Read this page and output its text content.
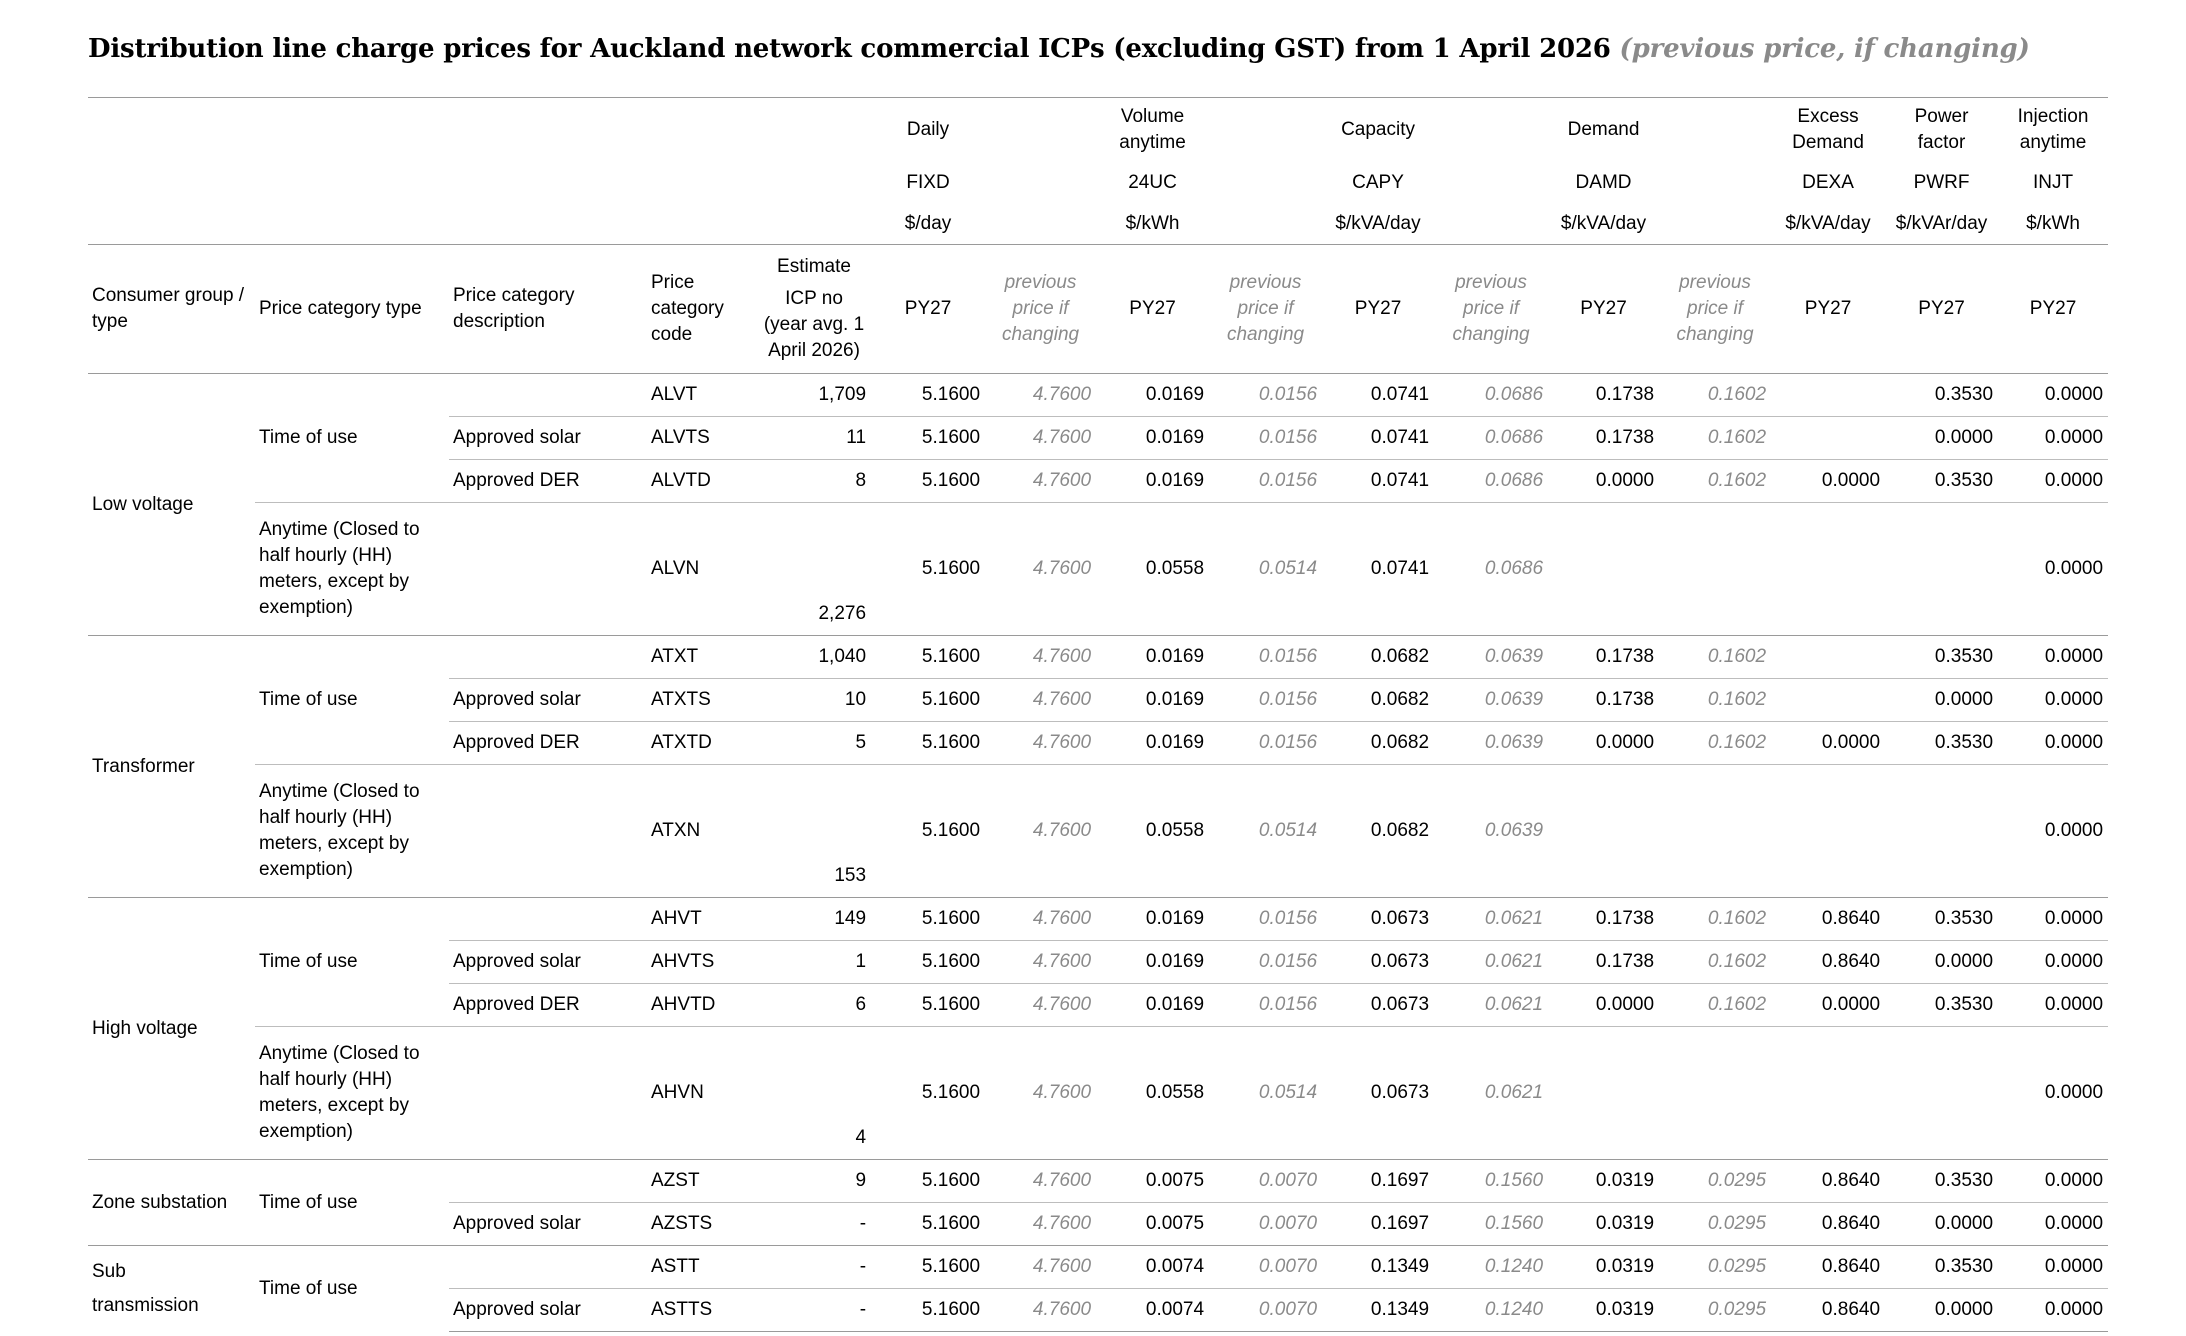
Distribution line charge prices for Auckland network commercial ICPs (excluding GST) from 1 April 2026 (previous price, if changing)
					Daily		Volume anytime		Capacity		Demand		Excess Demand	Power factor	Injection anytime
					FIXD		24UC		CAPY		DAMD		DEXA	PWRF	INJT
					$/day		$/kWh		$/kVA/day		$/kVA/day		$/kVA/day	$/kVAr/day	$/kWh
Consumer group / type	Price category type	Price category description	Price category code	Estimate
ICP no (year avg. 1 April 2026)	PY27	previous price if changing	PY27	previous price if changing	PY27	previous price if changing	PY27	previous price if changing	PY27	PY27	PY27
Low voltage	Time of use		ALVT	1,709	5.1600	4.7600	0.0169	0.0156	0.0741	0.0686	0.1738	0.1602		0.3530	0.0000
		Approved solar	ALVTS	11	5.1600	4.7600	0.0169	0.0156	0.0741	0.0686	0.1738	0.1602		0.0000	0.0000
		Approved DER	ALVTD	8	5.1600	4.7600	0.0169	0.0156	0.0741	0.0686	0.0000	0.1602	0.0000	0.3530	0.0000
	Anytime (Closed to half hourly (HH) meters, except by exemption)		ALVN	2,276	5.1600	4.7600	0.0558	0.0514	0.0741	0.0686					0.0000
Transformer	Time of use		ATXT	1,040	5.1600	4.7600	0.0169	0.0156	0.0682	0.0639	0.1738	0.1602		0.3530	0.0000
		Approved solar	ATXTS	10	5.1600	4.7600	0.0169	0.0156	0.0682	0.0639	0.1738	0.1602		0.0000	0.0000
		Approved DER	ATXTD	5	5.1600	4.7600	0.0169	0.0156	0.0682	0.0639	0.0000	0.1602	0.0000	0.3530	0.0000
	Anytime (Closed to half hourly (HH) meters, except by exemption)		ATXN	153	5.1600	4.7600	0.0558	0.0514	0.0682	0.0639					0.0000
High voltage	Time of use		AHVT	149	5.1600	4.7600	0.0169	0.0156	0.0673	0.0621	0.1738	0.1602	0.8640	0.3530	0.0000
		Approved solar	AHVTS	1	5.1600	4.7600	0.0169	0.0156	0.0673	0.0621	0.1738	0.1602	0.8640	0.0000	0.0000
		Approved DER	AHVTD	6	5.1600	4.7600	0.0169	0.0156	0.0673	0.0621	0.0000	0.1602	0.0000	0.3530	0.0000
	Anytime (Closed to half hourly (HH) meters, except by exemption)		AHVN	4	5.1600	4.7600	0.0558	0.0514	0.0673	0.0621					0.0000
Zone substation	Time of use		AZST	9	5.1600	4.7600	0.0075	0.0070	0.1697	0.1560	0.0319	0.0295	0.8640	0.3530	0.0000
		Approved solar	AZSTS	-	5.1600	4.7600	0.0075	0.0070	0.1697	0.1560	0.0319	0.0295	0.8640	0.0000	0.0000

Sub
transmission	Time of use		ASTT	-	5.1600	4.7600	0.0074	0.0070	0.1349	0.1240	0.0319	0.0295	0.8640	0.3530	0.0000
		Approved solar	ASTTS	-	5.1600	4.7600	0.0074	0.0070	0.1349	0.1240	0.0319	0.0295	0.8640	0.0000	0.0000
